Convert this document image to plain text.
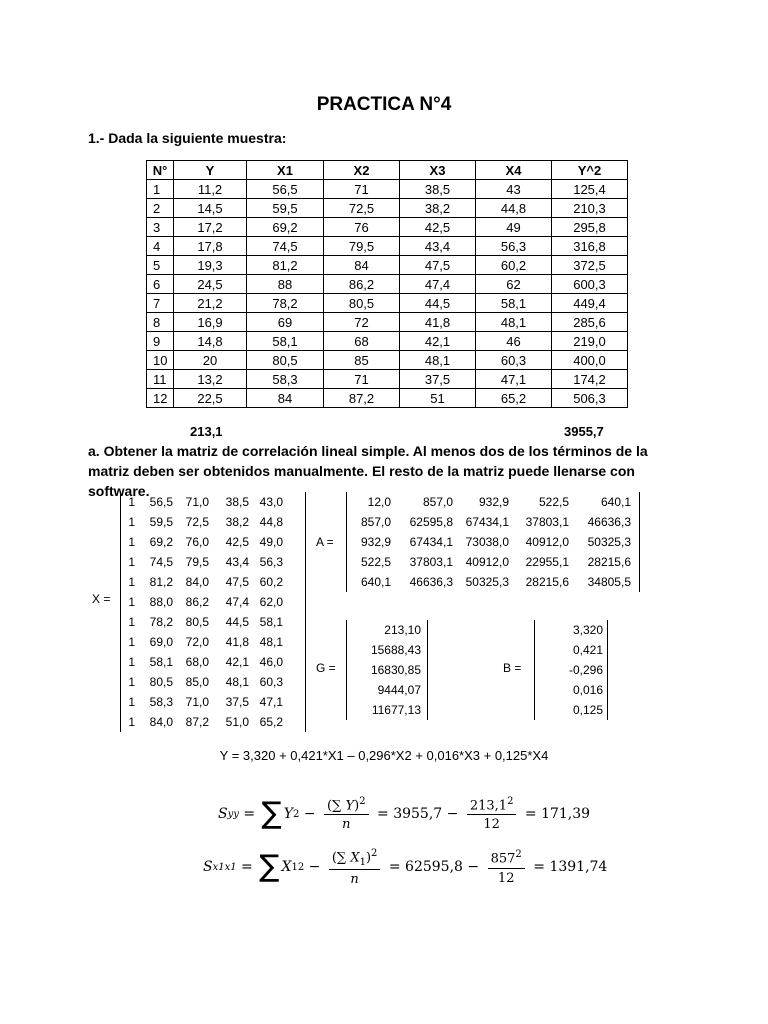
PRACTICA N°4
1.- Dada la siguiente muestra:
N°	Y	X1	X2	X3	X4	Y^2
1	11,2	56,5	71	38,5	43	125,4
2	14,5	59,5	72,5	38,2	44,8	210,3
3	17,2	69,2	76	42,5	49	295,8
4	17,8	74,5	79,5	43,4	56,3	316,8
5	19,3	81,2	84	47,5	60,2	372,5
6	24,5	88	86,2	47,4	62	600,3
7	21,2	78,2	80,5	44,5	58,1	449,4
8	16,9	69	72	41,8	48,1	285,6
9	14,8	58,1	68	42,1	46	219,0
10	20	80,5	85	48,1	60,3	400,0
11	13,2	58,3	71	37,5	47,1	174,2
12	22,5	84	87,2	51	65,2	506,3
213,1	3955,7
a. Obtener la matriz de correlación lineal simple. Al menos dos de los términos de la matriz deben ser obtenidos manualmente. El resto de la matriz puede llenarse con software.
X =
1	56,5	71,0	38,5 43,0
1	59,5	72,5	38,2 44,8
1	69,2	76,0	42,5 49,0
1	74,5	79,5	43,4 56,3
1	81,2	84,0	47,5 60,2
1	88,0	86,2	47,4 62,0
1	78,2	80,5	44,5 58,1
1	69,0	72,0	41,8 48,1
1	58,1	68,0	42,1 46,0
1	80,5	85,0	48,1 60,3
1	58,3	71,0	37,5 47,1
1	84,0	87,2	51,0 65,2
A =
12,0	857,0	932,9	522,5	640,1
857,0	62595,8	67434,1	37803,1	46636,3
932,9	67434,1	73038,0	40912,0	50325,3
522,5	37803,1	40912,0	22955,1	28215,6
640,1	46636,3	50325,3	28215,6	34805,5
G =
213,10
15688,43
16830,85
9444,07
11677,13
B =
3,320
0,421
-0,296
0,016
0,125
Y = 3,320 + 0,421*X1 – 0,296*X2 + 0,016*X3 + 0,125*X4
S yy = ∑ Y $2 - \frac{(\sum Y)^2}{n} = 3955,7 - \frac{213,1^2}{12} = 171,39$
S x1x1 = ∑ X 1 $2 - \frac{(\sum X_1)^2}{n} = 62595,8 - \frac{857^2}{12} = 1391,74$
